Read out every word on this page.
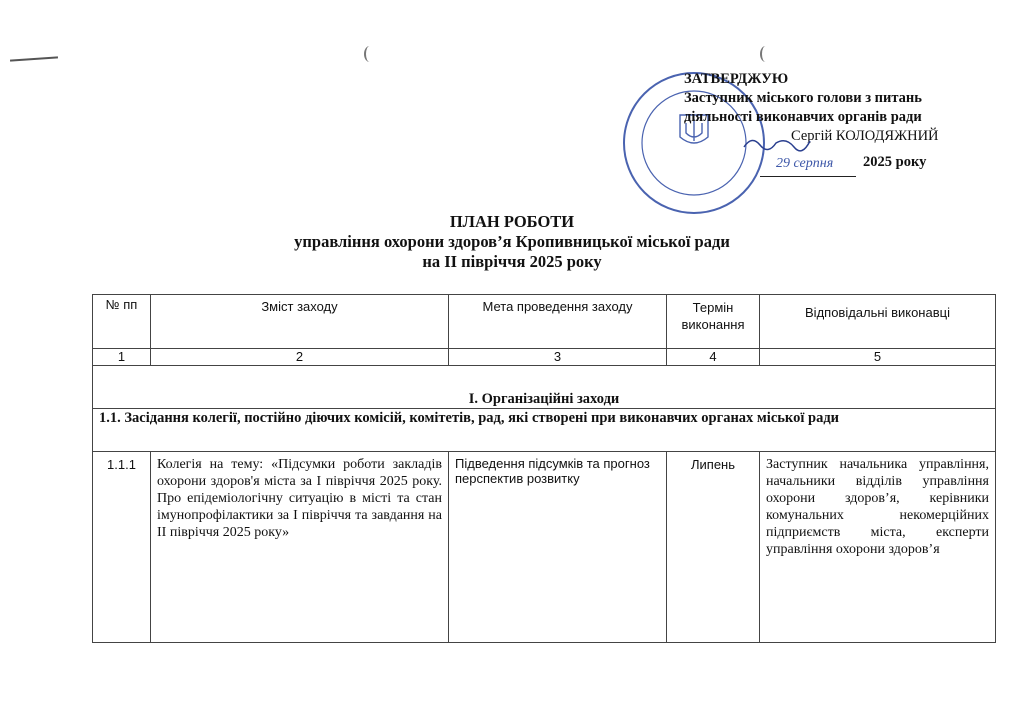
ЗАТВЕРДЖУЮ
Заступник міського голови з питань
діяльності виконавчих органів ради
Сергій КОЛОДЯЖНИЙ
29 серпня 2025 року
ПЛАН РОБОТИ
управління охорони здоров’я Кропивницької міської ради
на ІІ півріччя 2025 року
№ пп	Зміст заходу	Мета проведення заходу	Термін виконання	Відповідальні виконавці
1	2	3	4	5
І. Організаційні заходи				
1.1. Засідання колегії, постійно діючих комісій, комітетів, рад, які створені при виконавчих органах міської ради				

1.1.1	Колегія на тему: «Підсумки роботи закладів охорони здоров'я міста за І півріччя 2025 року. Про епідеміологічну ситуацію в місті та стан імунопрофілактики за І півріччя та завдання на ІІ півріччя 2025 року»	Підведення підсумків та прогноз перспектив розвитку	Липень	Заступник начальника управління, начальники відділів управління охорони здоров’я, керівники комунальних некомерційних підприємств міста, експерти управління охорони здоров’я
